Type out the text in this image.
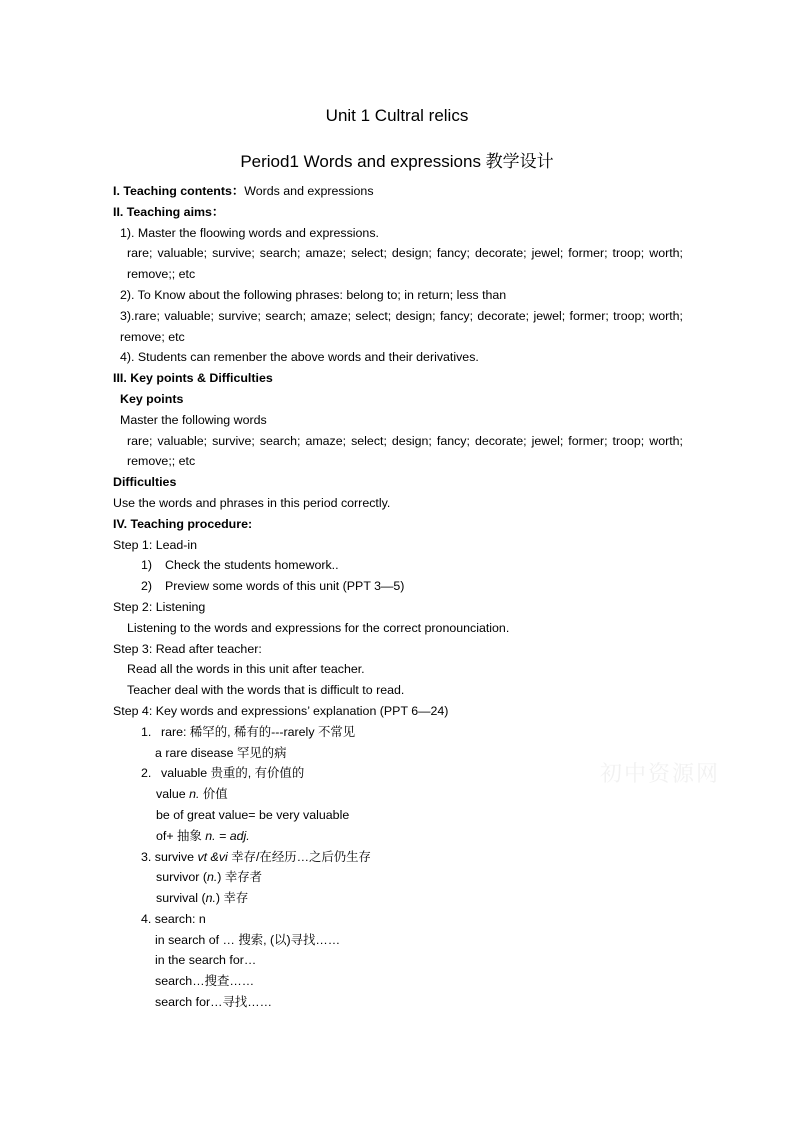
Unit 1 Cultral relics
Period1 Words and expressions 教学设计
I. Teaching contents：Words and expressions
II. Teaching aims：
1). Master the floowing words and expressions.
rare; valuable; survive; search; amaze; select; design; fancy; decorate; jewel; former; troop; worth; remove;; etc
2). To Know about the following phrases: belong to; in return; less than
3).rare; valuable; survive; search; amaze; select; design; fancy; decorate; jewel; former; troop; worth; remove; etc
4). Students can remenber the above words and their derivatives.
III. Key points & Difficulties
Key points
Master the following words
rare; valuable; survive; search; amaze; select; design; fancy; decorate; jewel; former; troop; worth; remove;; etc
Difficulties
Use the words and phrases in this period correctly.
IV. Teaching procedure:
Step 1: Lead-in
1) Check the students homework..
2) Preview some words of this unit (PPT 3—5)
Step 2: Listening
Listening to the words and expressions for the correct pronounciation.
Step 3: Read after teacher:
Read all the words in this unit after teacher.
Teacher deal with the words that is difficult to read.
Step 4: Key words and expressions’ explanation (PPT 6—24)
1. rare: 稀罕的, 稀有的---rarely 不常见
a rare disease 罕见的病
2. valuable 贵重的, 有价值的
value n. 价值
be of great value= be very valuable
of+ 抽象 n. = adj.
3. survive vt &vi 幸存/在经历…之后仍生存
survivor (n.) 幸存者
survival (n.) 幸存
4. search: n
in search of … 搜索, (以)寻找……
in the search for…
search…搜查……
search for…寻找……
初中资源网
